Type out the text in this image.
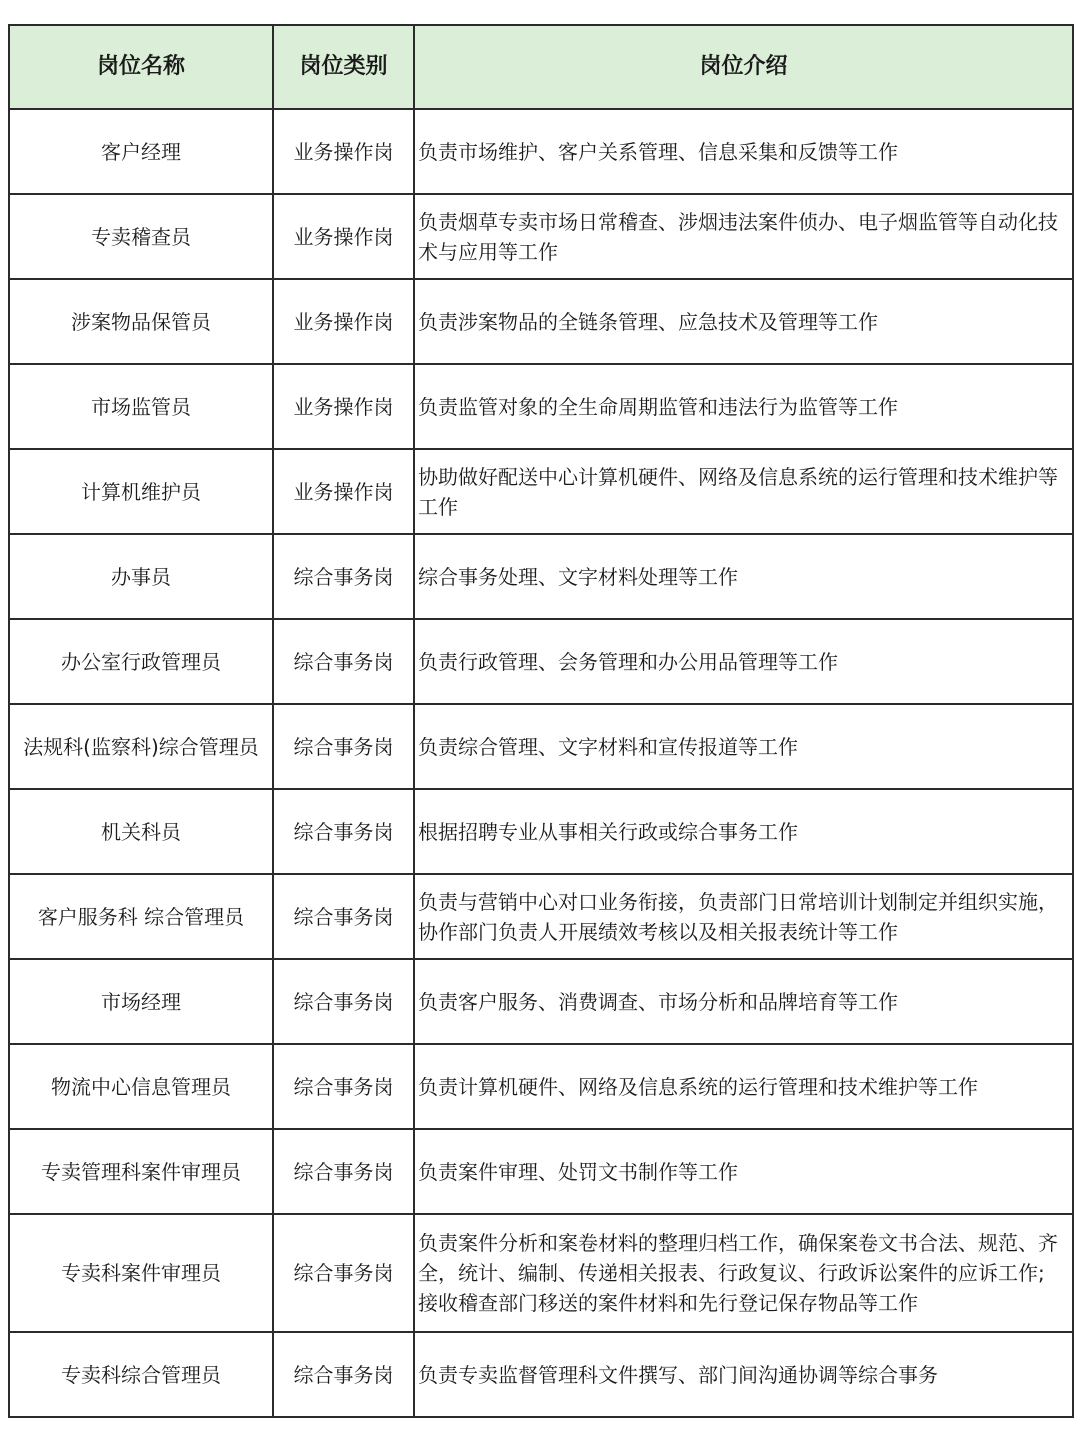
岗位名称	岗位类别	岗位介绍
客户经理	业务操作岗	负责市场维护、客户关系管理、信息采集和反馈等工作
专卖稽查员	业务操作岗	负责烟草专卖市场日常稽查、涉烟违法案件侦办、电子烟监管等自动化技术与应用等工作
涉案物品保管员	业务操作岗	负责涉案物品的全链条管理、应急技术及管理等工作
市场监管员	业务操作岗	负责监管对象的全生命周期监管和违法行为监管等工作
计算机维护员	业务操作岗	协助做好配送中心计算机硬件、网络及信息系统的运行管理和技术维护等工作
办事员	综合事务岗	综合事务处理、文字材料处理等工作
办公室行政管理员	综合事务岗	负责行政管理、会务管理和办公用品管理等工作
法规科(监察科)综合管理员	综合事务岗	负责综合管理、文字材料和宣传报道等工作
机关科员	综合事务岗	根据招聘专业从事相关行政或综合事务工作
客户服务科 综合管理员	综合事务岗	负责与营销中心对口业务衔接，负责部门日常培训计划制定并组织实施，协作部门负责人开展绩效考核以及相关报表统计等工作
市场经理	综合事务岗	负责客户服务、消费调查、市场分析和品牌培育等工作
物流中心信息管理员	综合事务岗	负责计算机硬件、网络及信息系统的运行管理和技术维护等工作
专卖管理科案件审理员	综合事务岗	负责案件审理、处罚文书制作等工作
专卖科案件审理员	综合事务岗	负责案件分析和案卷材料的整理归档工作，确保案卷文书合法、规范、齐全，统计、编制、传递相关报表、行政复议、行政诉讼案件的应诉工作;接收稽查部门移送的案件材料和先行登记保存物品等工作
专卖科综合管理员	综合事务岗	负责专卖监督管理科文件撰写、部门间沟通协调等综合事务
